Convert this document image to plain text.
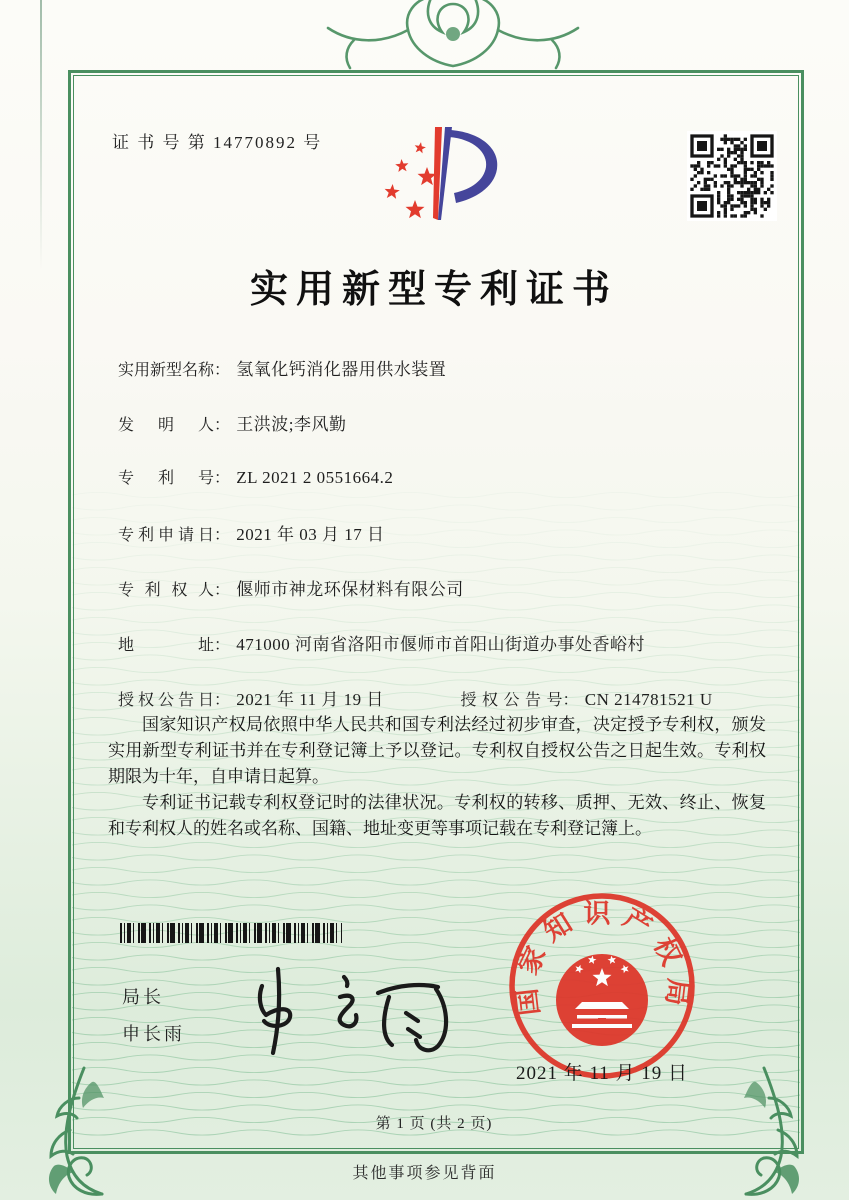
证 书 号 第 14770892 号
实用新型专利证书
实用新型名称： 氢氧化钙消化器用供水装置
发明人： 王洪波;李风勤
专利号： ZL 2021 2 0551664.2
专利申请日： 2021 年 03 月 17 日
专利权人： 偃师市神龙环保材料有限公司
地址： 471000 河南省洛阳市偃师市首阳山街道办事处香峪村
授权公告日： 2021 年 11 月 19 日	授权公告号： CN 214781521 U

国家知识产权局依照中华人民共和国专利法经过初步审查，决定授予专利权，颁发实用新型专利证书并在专利登记簿上予以登记。专利权自授权公告之日起生效。专利权期限为十年，自申请日起算。

专利证书记载专利权登记时的法律状况。专利权的转移、质押、无效、终止、恢复和专利权人的姓名或名称、国籍、地址变更等事项记载在专利登记簿上。

局长
申长雨
国家知识产权局
2021 年 11 月 19 日
第 1 页 (共 2 页)
其他事项参见背面
